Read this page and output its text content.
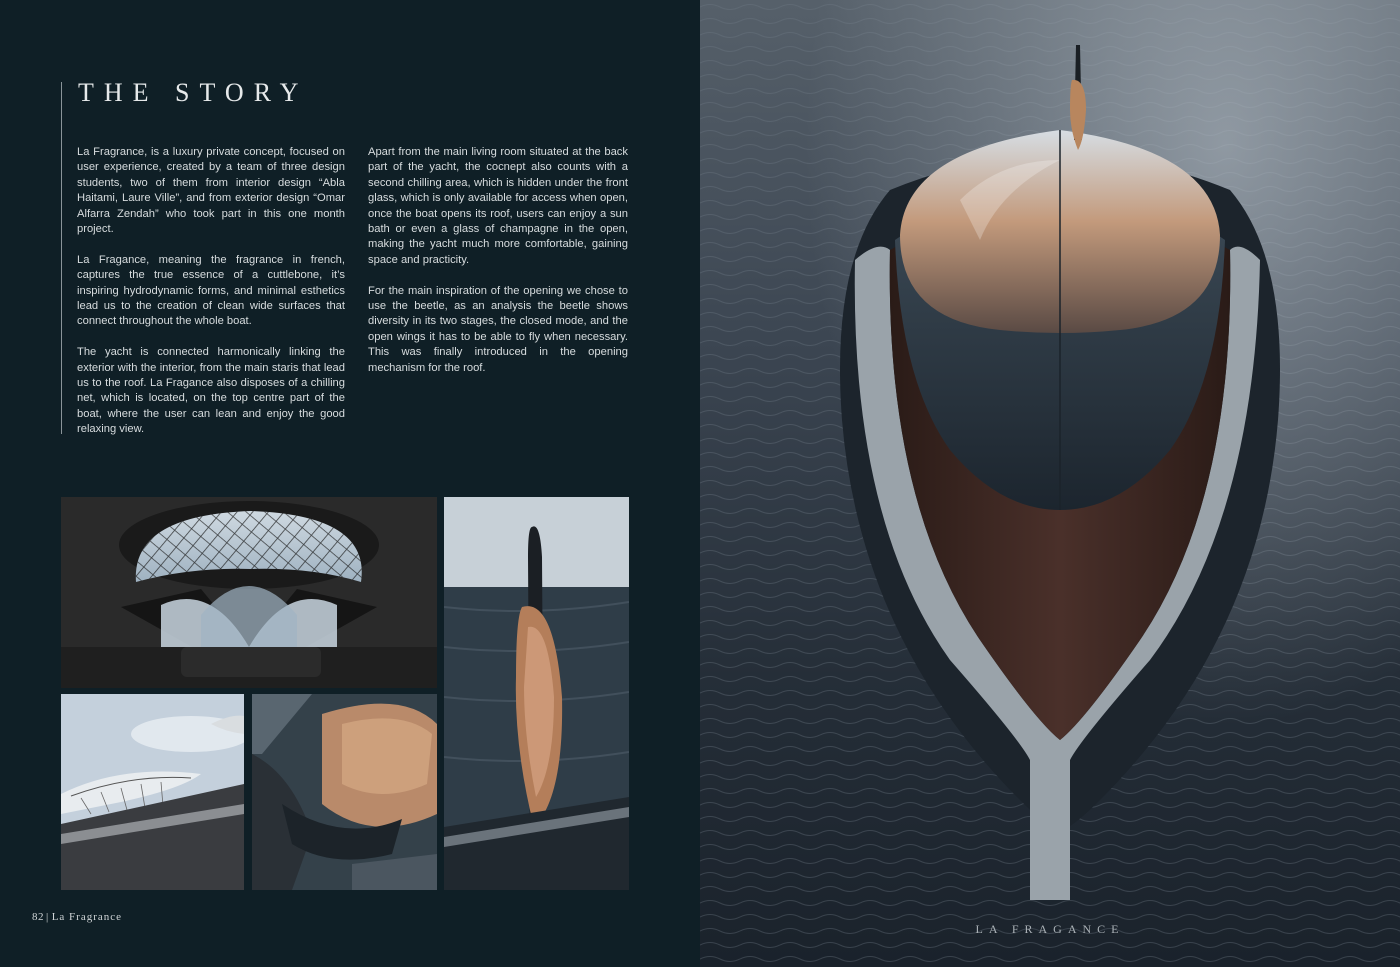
THE STORY

La Fragrance, is a luxury private concept, focused on user experience, created by a team of three design students, two of them from interior design “Abla Haitami, Laure Ville”, and from exterior design “Omar Alfarra Zendah” who took part in this one month project.

La Fragance, meaning the fragrance in french, captures the true essence of a cuttlebone, it’s inspiring hydrodynamic forms, and minimal esthetics lead us to the creation of clean wide surfaces that connect throughout the whole boat.

The yacht is connected harmonically linking the exterior with the interior, from the main staris that lead us to the roof. La Fragance also disposes of a chilling net, which is located, on the top centre part of the boat, where the user can lean and enjoy the good relaxing view.

Apart from the main living room situated at the back part of the yacht, the cocnept also counts with a second chilling area, which is hidden under the front glass, which is only available for access when open, once the boat opens its roof, users can enjoy a sun bath or even a glass of champagne in the open, making the yacht much more comfortable, gaining space and practicity.

For the main inspiration of the opening we chose to use the beetle, as an analysis the beetle shows diversity in its two stages, the closed mode, and the open wings it has to be able to fly when necessary. This was finally introduced in the opening mechanism for the roof.

82 | La Fragrance
LA FRAGANCE
